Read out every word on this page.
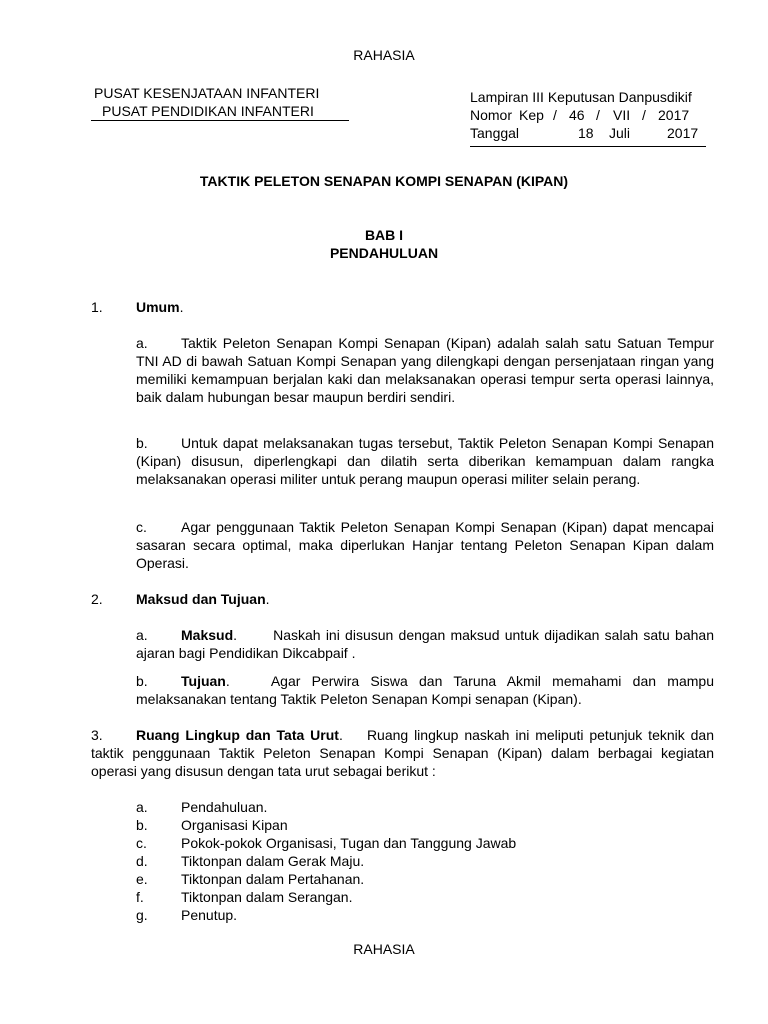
RAHASIA
PUSAT KESENJATAAN INFANTERI
PUSAT PENDIDIKAN INFANTERI
Lampiran III Keputusan Danpusdikif
Nomor Kep / 46 / VII / 2017
Tanggal	18	Juli	2017
TAKTIK PELETON SENAPAN KOMPI SENAPAN (KIPAN)
BAB I
PENDAHULUAN
1. Umum.
a. Taktik Peleton Senapan Kompi Senapan (Kipan) adalah salah satu Satuan Tempur TNI AD di bawah Satuan Kompi Senapan yang dilengkapi dengan persenjataan ringan yang memiliki kemampuan berjalan kaki dan melaksanakan operasi tempur serta operasi lainnya, baik dalam hubungan besar maupun berdiri sendiri.
b. Untuk dapat melaksanakan tugas tersebut, Taktik Peleton Senapan Kompi Senapan (Kipan) disusun, diperlengkapi dan dilatih serta diberikan kemampuan dalam rangka melaksanakan operasi militer untuk perang maupun operasi militer selain perang.
c. Agar penggunaan Taktik Peleton Senapan Kompi Senapan (Kipan) dapat mencapai sasaran secara optimal, maka diperlukan Hanjar tentang Peleton Senapan Kipan dalam Operasi.
2. Maksud dan Tujuan.
a. Maksud.	Naskah ini disusun dengan maksud untuk dijadikan salah satu bahan ajaran bagi Pendidikan Dikcabpaif .
b. Tujuan.	Agar Perwira Siswa dan Taruna Akmil memahami dan mampu melaksanakan tentang Taktik Peleton Senapan Kompi senapan (Kipan).
3. Ruang Lingkup dan Tata Urut. Ruang lingkup naskah ini meliputi petunjuk teknik dan taktik penggunaan Taktik Peleton Senapan Kompi Senapan (Kipan) dalam berbagai kegiatan operasi yang disusun dengan tata urut sebagai berikut :
a. Pendahuluan.
b. Organisasi Kipan
c. Pokok-pokok Organisasi, Tugan dan Tanggung Jawab
d. Tiktonpan dalam Gerak Maju.
e. Tiktonpan dalam Pertahanan.
f.	Tiktonpan dalam Serangan.
g. Penutup.
RAHASIA
